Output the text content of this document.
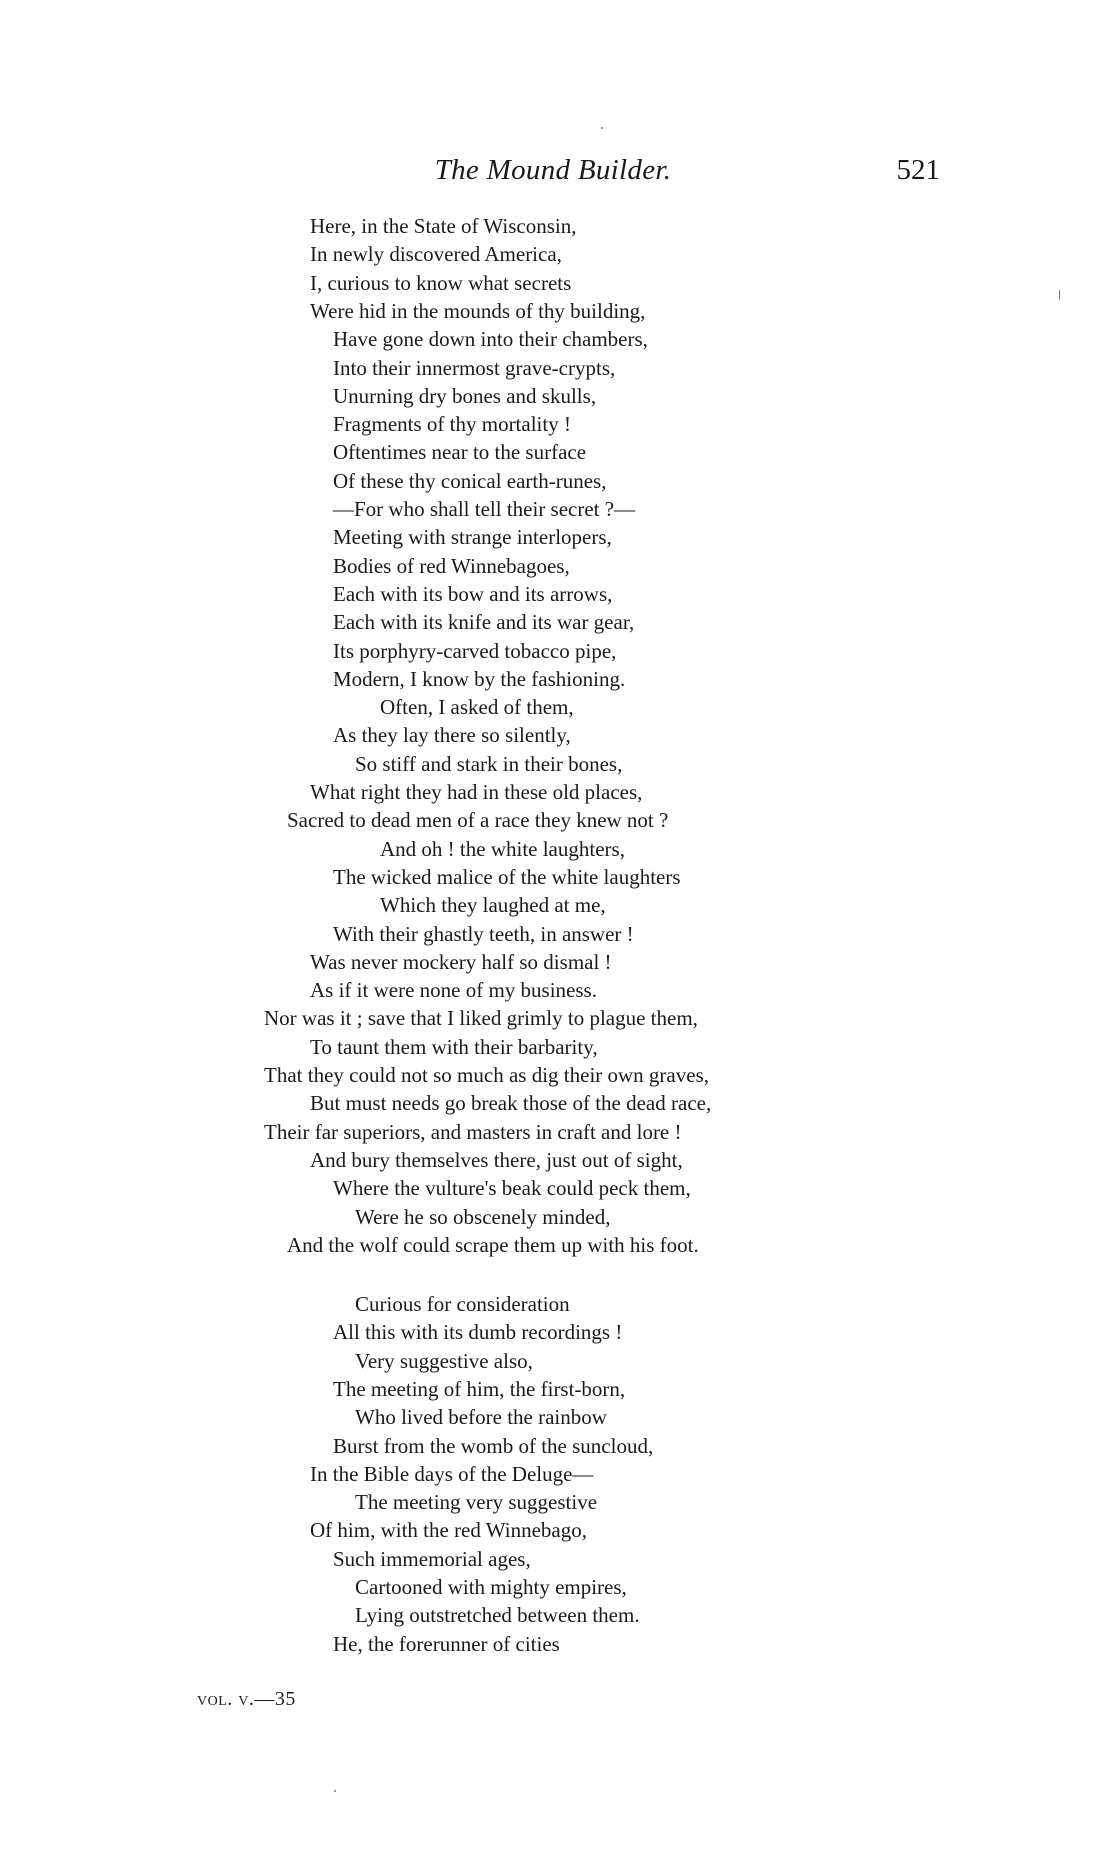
The Mound Builder.	521
Here, in the State of Wisconsin,
In newly discovered America,
I, curious to know what secrets
Were hid in the mounds of thy building,
Have gone down into their chambers,
Into their innermost grave-crypts,
Unurning dry bones and skulls,
Fragments of thy mortality !
Oftentimes near to the surface
Of these thy conical earth-runes,
—For who shall tell their secret ?—
Meeting with strange interlopers,
Bodies of red Winnebagoes,
Each with its bow and its arrows,
Each with its knife and its war gear,
Its porphyry-carved tobacco pipe,
Modern, I know by the fashioning.
Often, I asked of them,
As they lay there so silently,
So stiff and stark in their bones,
What right they had in these old places,
Sacred to dead men of a race they knew not ?
And oh ! the white laughters,
The wicked malice of the white laughters
Which they laughed at me,
With their ghastly teeth, in answer !
Was never mockery half so dismal !
As if it were none of my business.
Nor was it ; save that I liked grimly to plague them,
To taunt them with their barbarity,
That they could not so much as dig their own graves,
But must needs go break those of the dead race,
Their far superiors, and masters in craft and lore !
And bury themselves there, just out of sight,
Where the vulture's beak could peck them,
Were he so obscenely minded,
And the wolf could scrape them up with his foot.
Curious for consideration
All this with its dumb recordings !
Very suggestive also,
The meeting of him, the first-born,
Who lived before the rainbow
Burst from the womb of the suncloud,
In the Bible days of the Deluge—
The meeting very suggestive
Of him, with the red Winnebago,
Such immemorial ages,
Cartooned with mighty empires,
Lying outstretched between them.
He, the forerunner of cities
vol. v.—35
